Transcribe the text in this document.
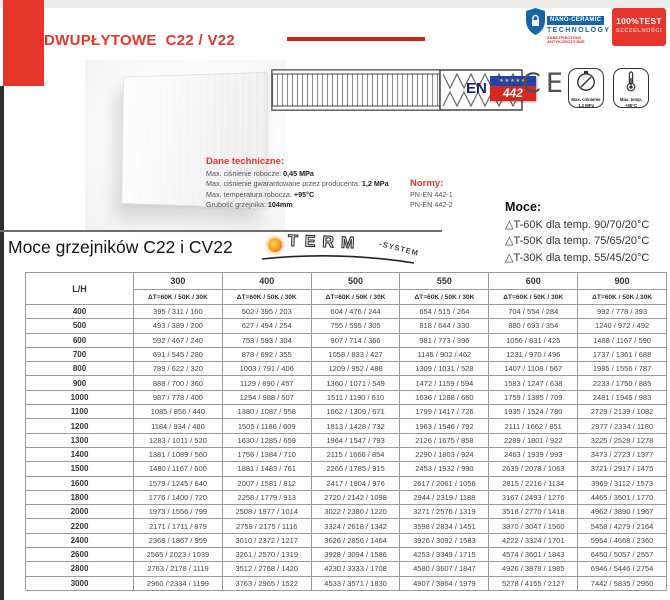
DWUPŁYTOWE  C22 / V22
NANO-CERAMIC
TECHNOLOGY
ZABEZPIECZONY ANTYKOROZYJNIE
100%TEST
SZCZELNOŚCI
EN	★★★★★
442 CE
Max. ciśnienie
1,2 MPa
Max. temp.
+95°C
Dane techniczne:
Max. ciśnienie robocze: 0,45 MPa
Max. ciśnienie gwarantowane przez producenta: 1,2 MPa
Max. temperatura robocza: +95°C
Grubość grzejnika: 104mm
Normy:
PN-EN 442-1
PN-EN 442-2	Moce:
△T-60K dla temp. 90/70/20°C
△T-50K dla temp. 75/65/20°C
△T-30K dla temp. 55/45/20°C
Moce grzejników C22 i CV22	TERM -SYSTEM
L/H	300	400	500	550	600	900
	ΔT=60K / 50K / 30K	ΔT=60K / 50K / 30K	ΔT=60K / 50K / 30K	ΔT=60K / 50K / 30K	ΔT=60K / 50K / 30K	ΔT=60K / 50K / 30K
400	395 / 311 / 160	502 / 395 / 203	604 / 476 / 244	654 / 515 / 264	704 / 554 / 284	992 / 778 / 393
500	493 / 389 / 200	627 / 494 / 254	755 / 595 / 305	818 / 644 / 330	880 / 693 / 354	1240 / 972 / 492
600	592 / 467 / 240	753 / 593 / 304	907 / 714 / 366	981 / 773 / 396	1056 / 831 / 425	1488 / 1167 / 590
700	691 / 545 / 280	878 / 692 / 355	1058 / 833 / 427	1145 / 902 / 462	1231 / 970 / 496	1737 / 1361 / 688
800	789 / 622 / 320	1003 / 791 / 406	1209 / 952 / 488	1309 / 1031 / 528	1407 / 1108 / 567	1985 / 1556 / 787
900	888 / 700 / 360	1129 / 890 / 457	1360 / 1071 / 549	1472 / 1159 / 594	1583 / 1247 / 638	2233 / 1750 / 885
1000	987 / 778 / 400	1254 / 988 / 507	1511 / 1190 / 610	1636 / 1288 / 660	1759 / 1385 / 709	2481 / 1945 / 983
1100	1085 / 856 / 440	1380 / 1087 / 558	1662 / 1309 / 671	1799 / 1417 / 726	1935 / 1524 / 780	2729 / 2139 / 1082
1200	1184 / 934 / 480	1505 / 1186 / 609	1813 / 1428 / 732	1963 / 1546 / 792	2111 / 1662 / 851	2977 / 2334 / 1180
1300	1283 / 1011 / 520	1630 / 1285 / 659	1964 / 1547 / 793	2126 / 1675 / 858	2289 / 1801 / 922	3225 / 2528 / 1278
1400	1381 / 1089 / 560	1756 / 1384 / 710	2115 / 1666 / 854	2290 / 1803 / 924	2463 / 1939 / 993	3473 / 2723 / 1377
1500	1480 / 1167 / 600	1881 / 1483 / 761	2266 / 1785 / 915	2453 / 1932 / 990	2639 / 2078 / 1063	3721 / 2917 / 1475
1600	1579 / 1245 / 640	2007 / 1581 / 812	2417 / 1904 / 976	2617 / 2061 / 1056	2815 / 2216 / 1134	3969 / 3112 / 1573
1800	1776 / 1400 / 720	2258 / 1779 / 913	2720 / 2142 / 1098	2944 / 2319 / 1188	3167 / 2493 / 1276	4465 / 3501 / 1770
2000	1973 / 1556 / 799	2508 / 1977 / 1014	3022 / 2380 / 1220	3271 / 2576 / 1319	3518 / 2770 / 1418	4962 / 3890 / 1967
2200	2171 / 1711 / 879	2759 / 2175 / 1116	3324 / 2618 / 1342	3598 / 2834 / 1451	3870 / 3047 / 1560	5458 / 4279 / 2164
2400	2368 / 1867 / 959	3010 / 2372 / 1217	3626 / 2856 / 1464	3926 / 3092 / 1583	4222 / 3324 / 1701	5954 / 4668 / 2360
2600	2565 / 2023 / 1039	3261 / 2570 / 1319	3928 / 3094 / 1586	4253 / 3349 / 1715	4574 / 3601 / 1843	6450 / 5057 / 2557
2800	2763 / 2178 / 1119	3512 / 2768 / 1420	4230 / 3333 / 1708	4580 / 3607 / 1847	4926 / 3878 / 1985	6946 / 5446 / 2754
3000	2960 / 2334 / 1199	3763 / 2965 / 1522	4533 / 3571 / 1830	4907 / 3864 / 1979	5278 / 4155 / 2127	7442 / 5835 / 2950
